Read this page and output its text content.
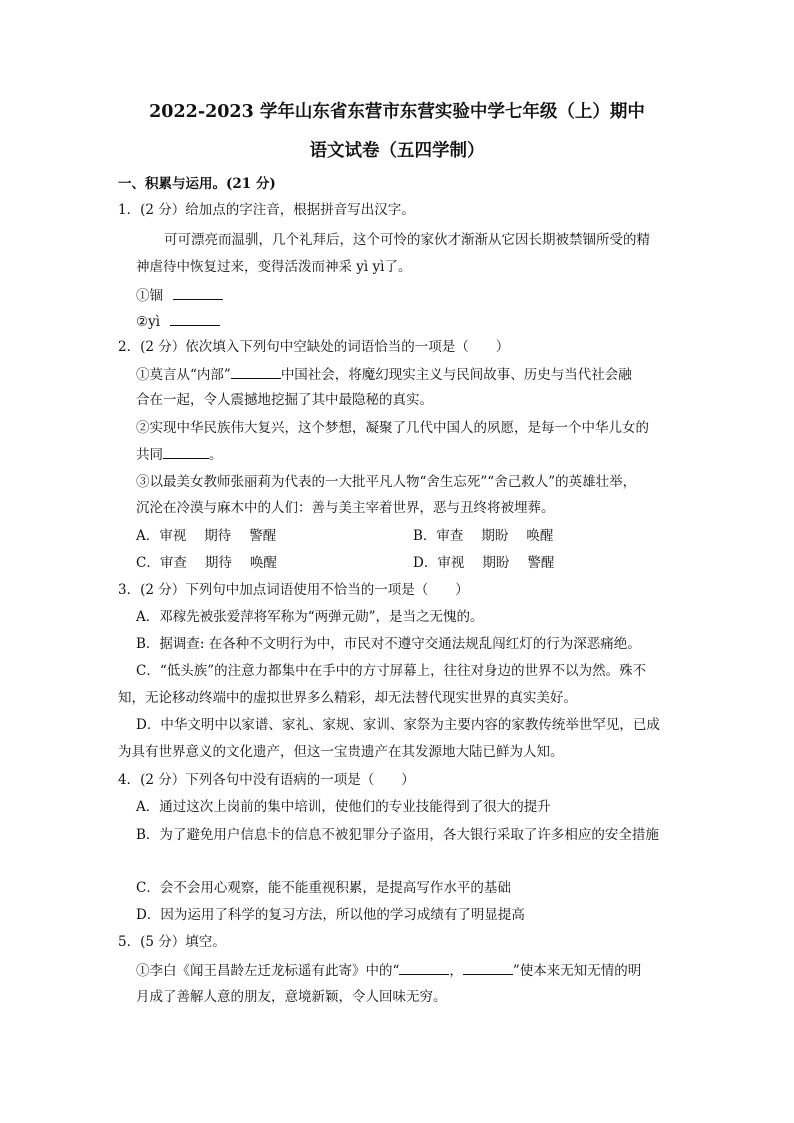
2022-2023 学年山东省东营市东营实验中学七年级（上）期中
语文试卷（五四学制）
一、积累与运用。(21 分)
1．(2 分）给加点的字注音，根据拼音写出汉字。
可可漂亮而温驯，几个礼拜后，这个可怜的家伙才渐渐从它因长期被禁锢所受的精
神虐待中恢复过来，变得活泼而神采 yì yì了。
①锢
②yì
2．(2 分）依次填入下列句中空缺处的词语恰当的一项是（　　）
①莫言从“内部”	中国社会，将魔幻现实主义与民间故事、历史与当代社会融
合在一起，令人震撼地挖掘了其中最隐秘的真实。
②实现中华民族伟大复兴，这个梦想，凝聚了几代中国人的夙愿，是每一个中华儿女的
共同	。
③以最美女教师张丽莉为代表的一大批平凡人物“舍生忘死”“舍己救人”的英雄壮举，
沉沦在冷漠与麻木中的人们：善与美主宰着世界，恶与丑终将被埋葬。
A．审视 期待 警醒	B．审查 期盼 唤醒
C．审查 期待 唤醒	D．审视 期盼 警醒
3．(2 分）下列句中加点词语使用不恰当的一项是（　　）
A．邓稼先被张爱萍将军称为“两弹元勋”，是当之无愧的。
B．据调查: 在各种不文明行为中，市民对不遵守交通法规乱闯红灯的行为深恶痛绝。
C．“低头族”的注意力都集中在手中的方寸屏幕上，往往对身边的世界不以为然。殊不
知，无论移动终端中的虚拟世界多么精彩，却无法替代现实世界的真实美好。
D．中华文明中以家谱、家礼、家规、家训、家祭为主要内容的家教传统举世罕见，已成
为具有世界意义的文化遗产，但这一宝贵遗产在其发源地大陆已鲜为人知。
4．(2 分）下列各句中没有语病的一项是（　　）
A．通过这次上岗前的集中培训，使他们的专业技能得到了很大的提升
B．为了避免用户信息卡的信息不被犯罪分子盗用，各大银行采取了许多相应的安全措施
C．会不会用心观察，能不能重视积累，是提高写作水平的基础
D．因为运用了科学的复习方法，所以他的学习成绩有了明显提高
5．(5 分）填空。
①李白《闻王昌龄左迁龙标遥有此寄》中的“	，	”使本来无知无情的明
月成了善解人意的朋友，意境新颖，令人回味无穷。
